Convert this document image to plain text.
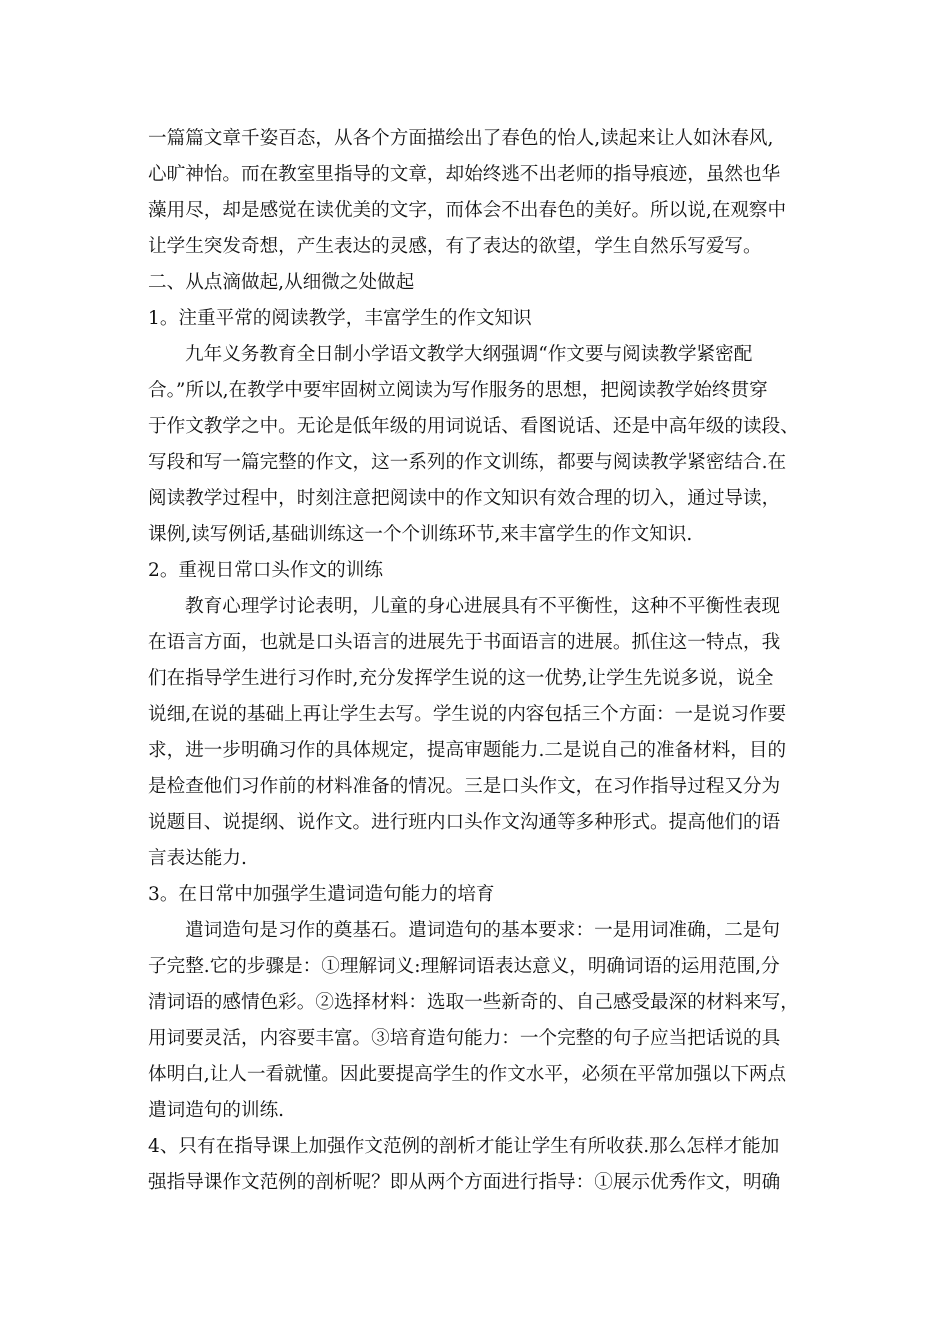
一篇篇文章千姿百态，从各个方面描绘出了春色的怡人,读起来让人如沐春风,
心旷神怡。而在教室里指导的文章，却始终逃不出老师的指导痕迹，虽然也华
藻用尽，却是感觉在读优美的文字，而体会不出春色的美好。所以说,在观察中
让学生突发奇想，产生表达的灵感，有了表达的欲望，学生自然乐写爱写。
二、从点滴做起,从细微之处做起
1。注重平常的阅读教学，丰富学生的作文知识
九年义务教育全日制小学语文教学大纲强调“作文要与阅读教学紧密配
合。”所以,在教学中要牢固树立阅读为写作服务的思想，把阅读教学始终贯穿
于作文教学之中。无论是低年级的用词说话、看图说话、还是中高年级的读段、
写段和写一篇完整的作文，这一系列的作文训练，都要与阅读教学紧密结合.在
阅读教学过程中，时刻注意把阅读中的作文知识有效合理的切入，通过导读，
课例,读写例话,基础训练这一个个训练环节,来丰富学生的作文知识.
2。重视日常口头作文的训练
教育心理学讨论表明，儿童的身心进展具有不平衡性，这种不平衡性表现
在语言方面，也就是口头语言的进展先于书面语言的进展。抓住这一特点，我
们在指导学生进行习作时,充分发挥学生说的这一优势,让学生先说多说，说全
说细,在说的基础上再让学生去写。学生说的内容包括三个方面：一是说习作要
求，进一步明确习作的具体规定，提高审题能力.二是说自己的准备材料，目的
是检查他们习作前的材料准备的情况。三是口头作文，在习作指导过程又分为
说题目、说提纲、说作文。进行班内口头作文沟通等多种形式。提高他们的语
言表达能力.
3。在日常中加强学生遣词造句能力的培育
遣词造句是习作的奠基石。遣词造句的基本要求：一是用词准确，二是句
子完整.它的步骤是：①理解词义:理解词语表达意义，明确词语的运用范围,分
清词语的感情色彩。②选择材料：选取一些新奇的、自己感受最深的材料来写，
用词要灵活，内容要丰富。③培育造句能力：一个完整的句子应当把话说的具
体明白,让人一看就懂。因此要提高学生的作文水平，必须在平常加强以下两点
遣词造句的训练.
4、只有在指导课上加强作文范例的剖析才能让学生有所收获.那么怎样才能加
强指导课作文范例的剖析呢？即从两个方面进行指导：①展示优秀作文，明确
